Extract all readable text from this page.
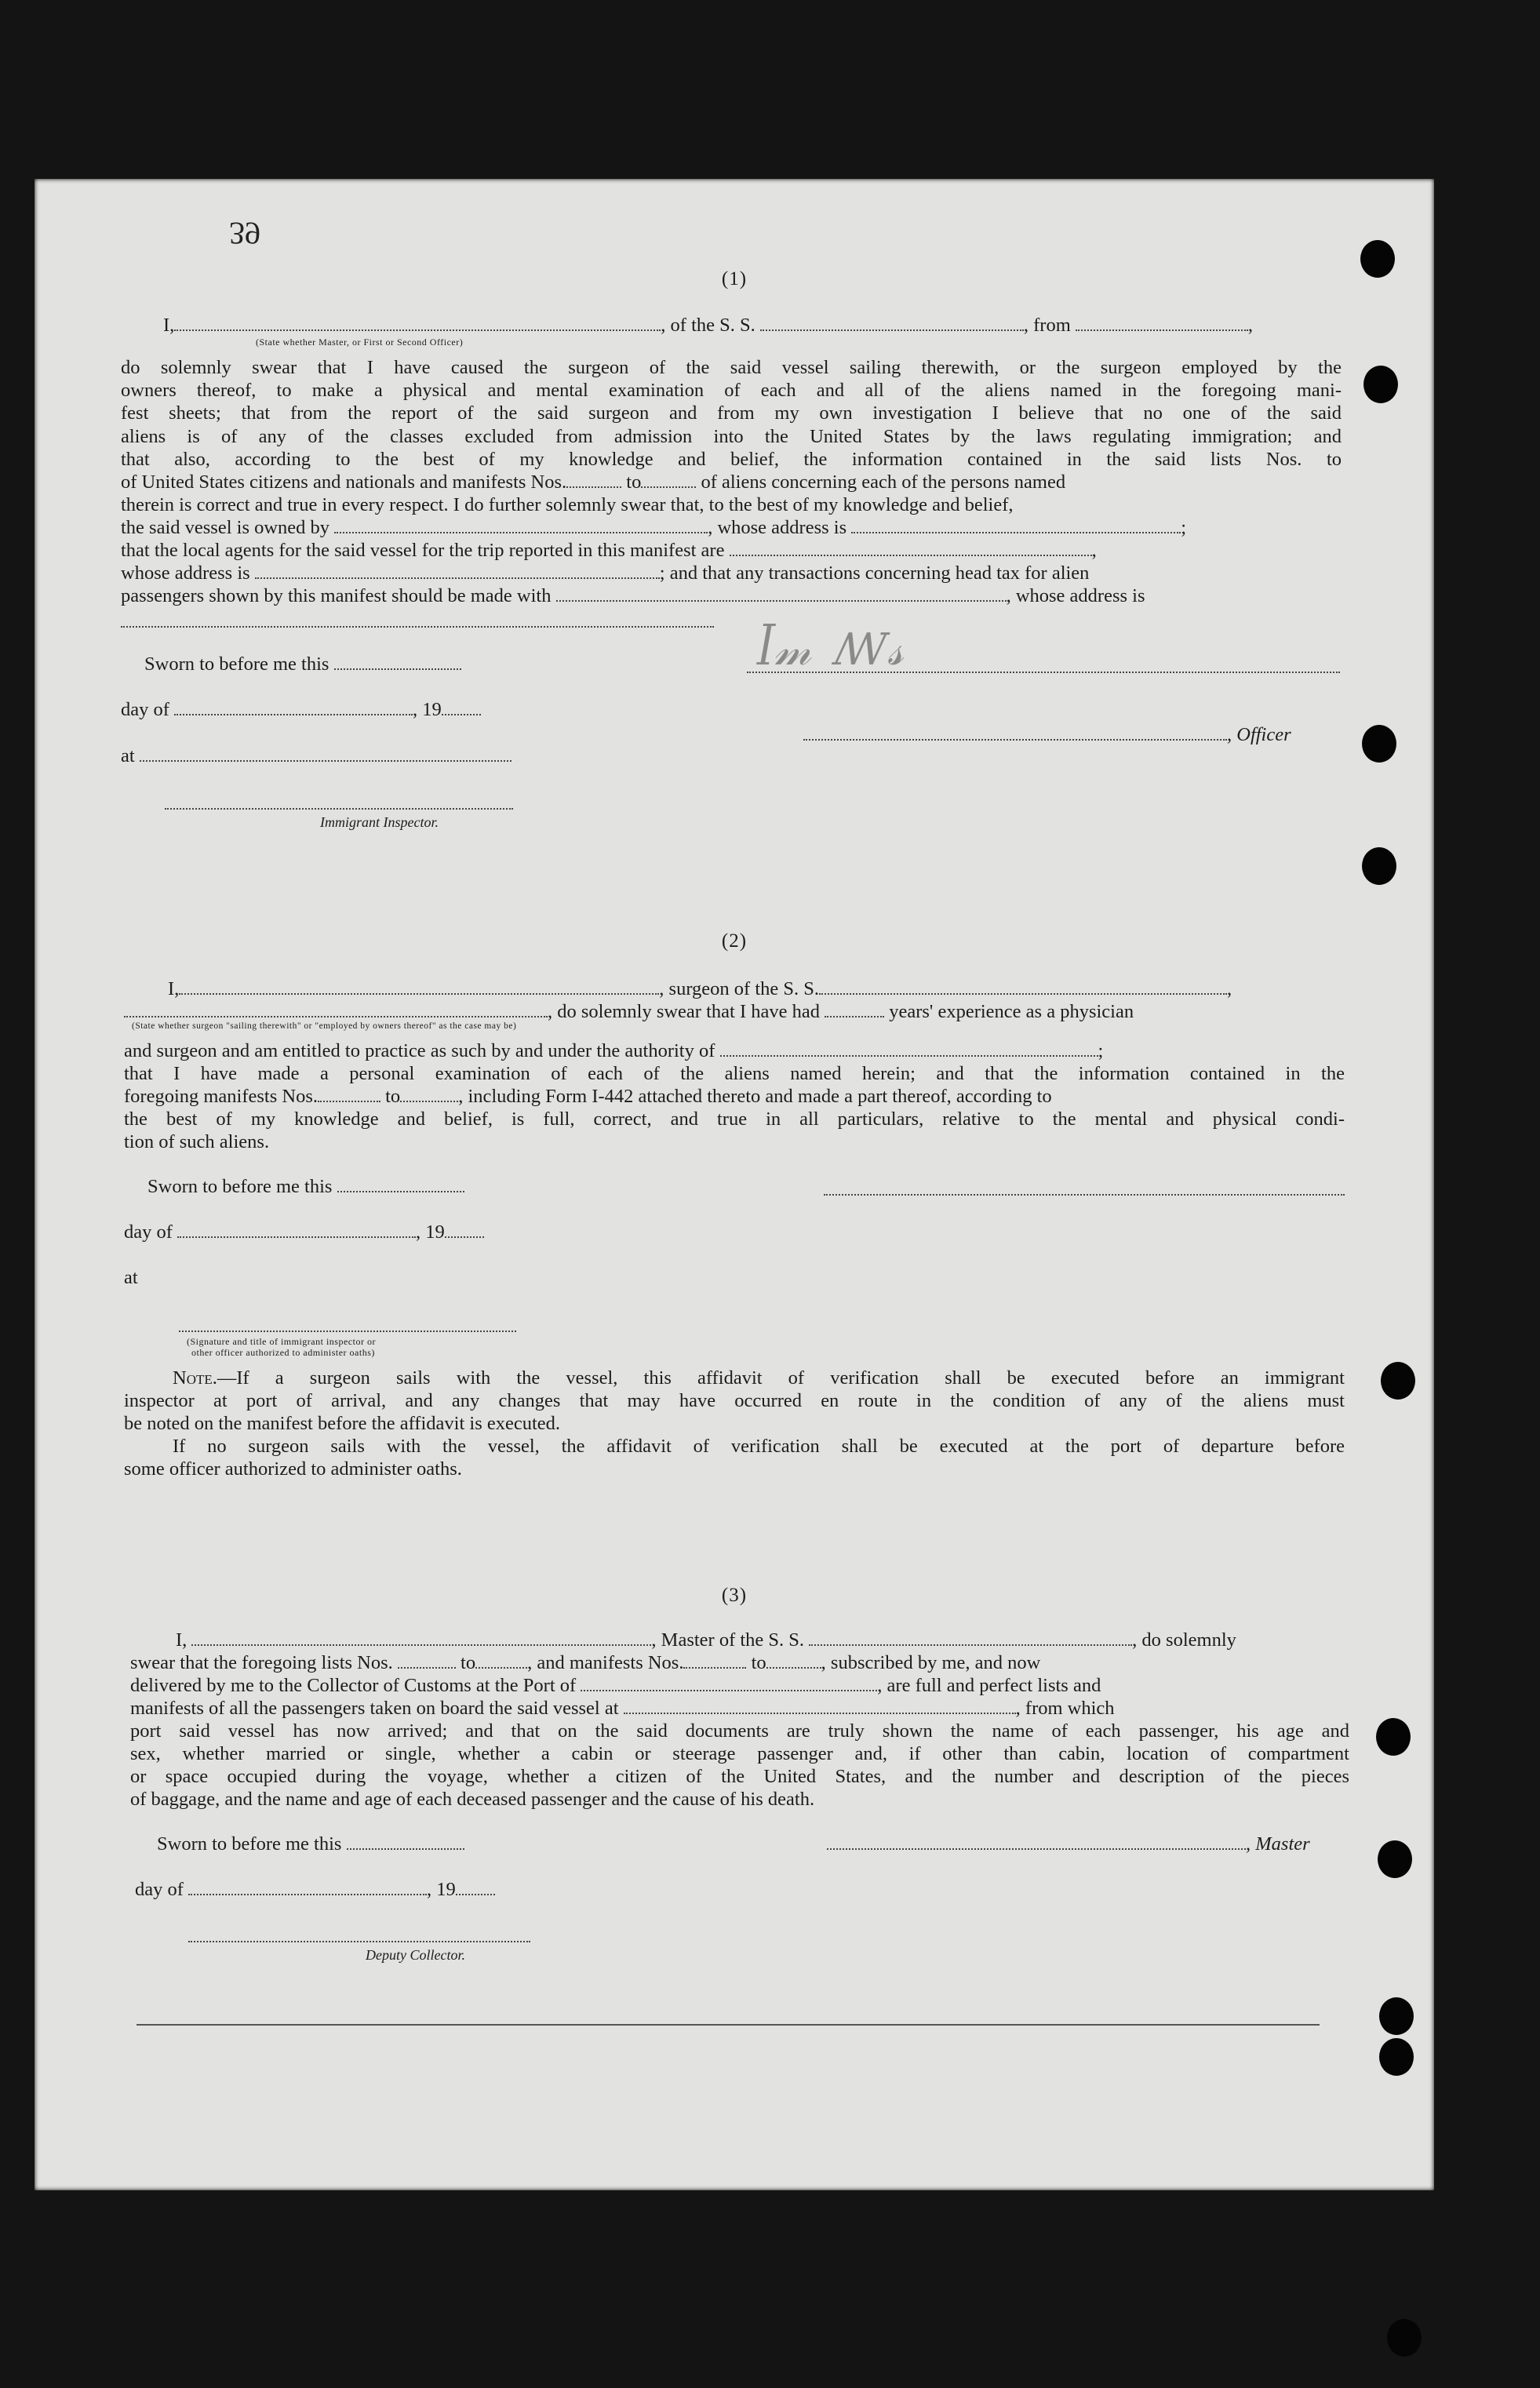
39
(1)
I,	, of the S. S.	, from	,
(State whether Master, or First or Second Officer)
do solemnly swear that I have caused the surgeon of the said vessel sailing therewith, or the surgeon employed by the
owners thereof, to make a physical and mental examination of each and all of the aliens named in the foregoing mani-
fest sheets; that from the report of the said surgeon and from my own investigation I believe that no one of the said
aliens is of any of the classes excluded from admission into the United States by the laws regulating immigration; and
that also, according to the best of my knowledge and belief, the information contained in the said lists Nos. to
of United States citizens and nationals and manifests Nos.	to	of aliens concerning each of the persons named
therein is correct and true in every respect. I do further solemnly swear that, to the best of my knowledge and belief,
the said vessel is owned by	, whose address is	;
that the local agents for the said vessel for the trip reported in this manifest are	,
whose address is	; and that any transactions concerning head tax for alien
passengers shown by this manifest should be made with	, whose address is
Sworn to before me this	ꟾ𝓂 ꟿ𝓈
day of	, 19
, Officer
at
Immigrant Inspector.
(2)
I,	, surgeon of the S. S.	,
, do solemnly swear that I have had	years' experience as a physician
(State whether surgeon "sailing therewith" or "employed by owners thereof" as the case may be)
and surgeon and am entitled to practice as such by and under the authority of	;
that I have made a personal examination of each of the aliens named herein; and that the information contained in the
foregoing manifests Nos.	to	, including Form I-442 attached thereto and made a part thereof, according to
the best of my knowledge and belief, is full, correct, and true in all particulars, relative to the mental and physical condi-
tion of such aliens.
Sworn to before me this
day of	, 19
at
(Signature and title of immigrant inspector or
other officer authorized to administer oaths)
Note.—If a surgeon sails with the vessel, this affidavit of verification shall be executed before an immigrant
inspector at port of arrival, and any changes that may have occurred en route in the condition of any of the aliens must
be noted on the manifest before the affidavit is executed.
If no surgeon sails with the vessel, the affidavit of verification shall be executed at the port of departure before
some officer authorized to administer oaths.
(3)
I,	, Master of the S. S.	, do solemnly
swear that the foregoing lists Nos.	to	, and manifests Nos.	to	, subscribed by me, and now
delivered by me to the Collector of Customs at the Port of	, are full and perfect lists and
manifests of all the passengers taken on board the said vessel at	, from which
port said vessel has now arrived; and that on the said documents are truly shown the name of each passenger, his age and
sex, whether married or single, whether a cabin or steerage passenger and, if other than cabin, location of compartment
or space occupied during the voyage, whether a citizen of the United States, and the number and description of the pieces
of baggage, and the name and age of each deceased passenger and the cause of his death.
Sworn to before me this	, Master
day of	, 19
Deputy Collector.
